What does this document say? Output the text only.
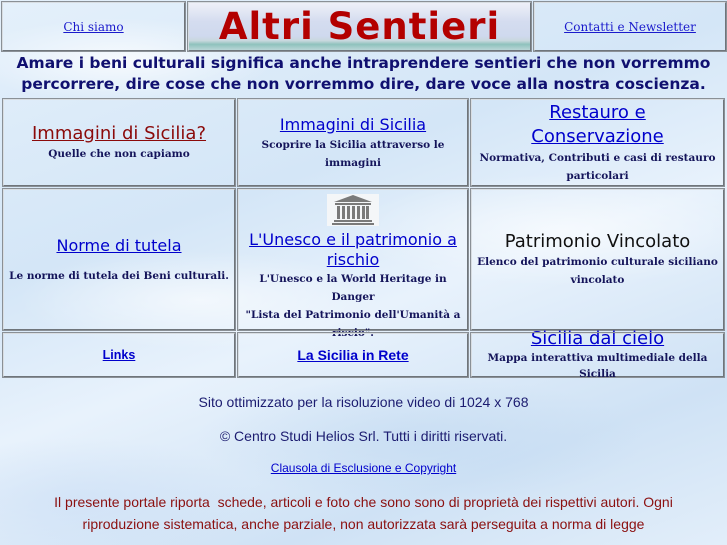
Chi siamo	Altri Sentieri	Contatti e Newsletter
Amare i beni culturali significa anche intraprendere sentieri che non vorremmo
percorrere, dire cose che non vorremmo dire, dare voce alla nostra coscienza.
Immagini di Sicilia?
Quelle che non capiamo
Immagini di Sicilia
Scoprire la Sicilia attraverso le
immagini
Restauro e Conservazione
Normativa, Contributi e casi di restauro
particolari
Norme di tutela
Le norme di tutela dei Beni culturali.
L'Unesco e il patrimonio a rischio
L'Unesco e la World Heritage in Danger
"Lista del Patrimonio dell'Umanità a
riscio".
Patrimonio Vincolato
Elenco del patrimonio culturale siciliano
vincolato
Links	La Sicilia in Rete
Sicilia dal cielo
Mappa interattiva multimediale della Sicilia
Sito ottimizzato per la risoluzione video di 1024 x 768
© Centro Studi Helios Srl. Tutti i diritti riservati.
Clausola di Esclusione e Copyright
Il presente portale riporta  schede, articoli e foto che sono sono di proprietà dei rispettivi autori. Ogni
riproduzione sistematica, anche parziale, non autorizzata sarà perseguita a norma di legge
